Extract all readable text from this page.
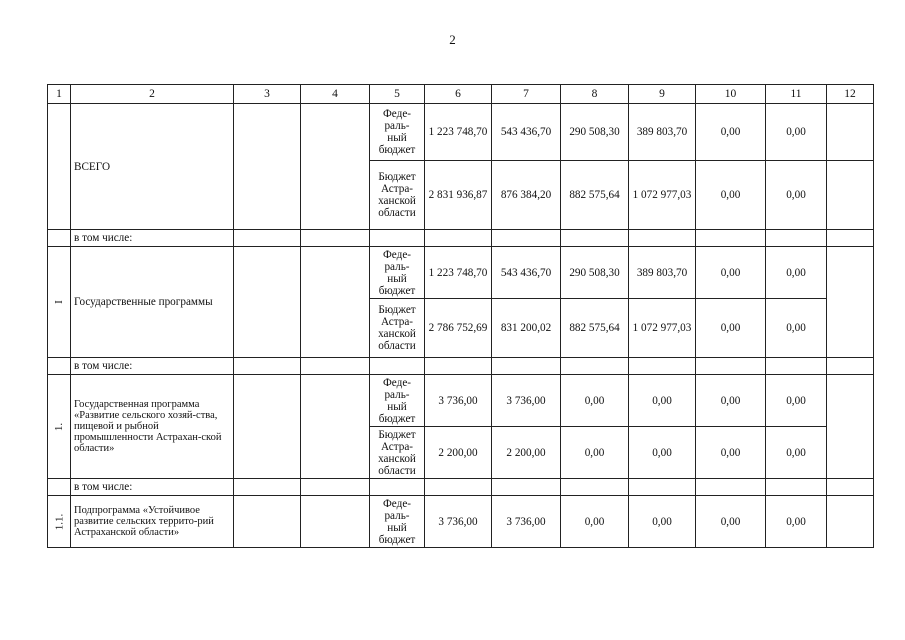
2
1	2	3	4	5	6	7	8	9	10	11	12
	ВСЕГО			Феде-
раль-
ный
бюджет	1 223 748,70	543 436,70	290 508,30	389 803,70	0,00	0,00	
				Бюджет
Астра-
ханской
области	2 831 936,87	876 384,20	882 575,64	1 072 977,03	0,00	0,00	
	в том числе:										
I	Государственные программы			Феде-
раль-
ный
бюджет	1 223 748,70	543 436,70	290 508,30	389 803,70	0,00	0,00	
				Бюджет
Астра-
ханской
области	2 786 752,69	831 200,02	882 575,64	1 072 977,03	0,00	0,00	
	в том числе:										
1.	Государственная программа «Развитие сельского хозяй-ства, пищевой и рыбной промышленности Астрахан-ской области»			Феде-
раль-
ный
бюджет	3 736,00	3 736,00	0,00	0,00	0,00	0,00	
				Бюджет
Астра-
ханской
области	2 200,00	2 200,00	0,00	0,00	0,00	0,00	
	в том числе:										
1.1.	Подпрограмма «Устойчивое развитие сельских террито-рий Астраханской области»			Феде-
раль-
ный
бюджет	3 736,00	3 736,00	0,00	0,00	0,00	0,00	
